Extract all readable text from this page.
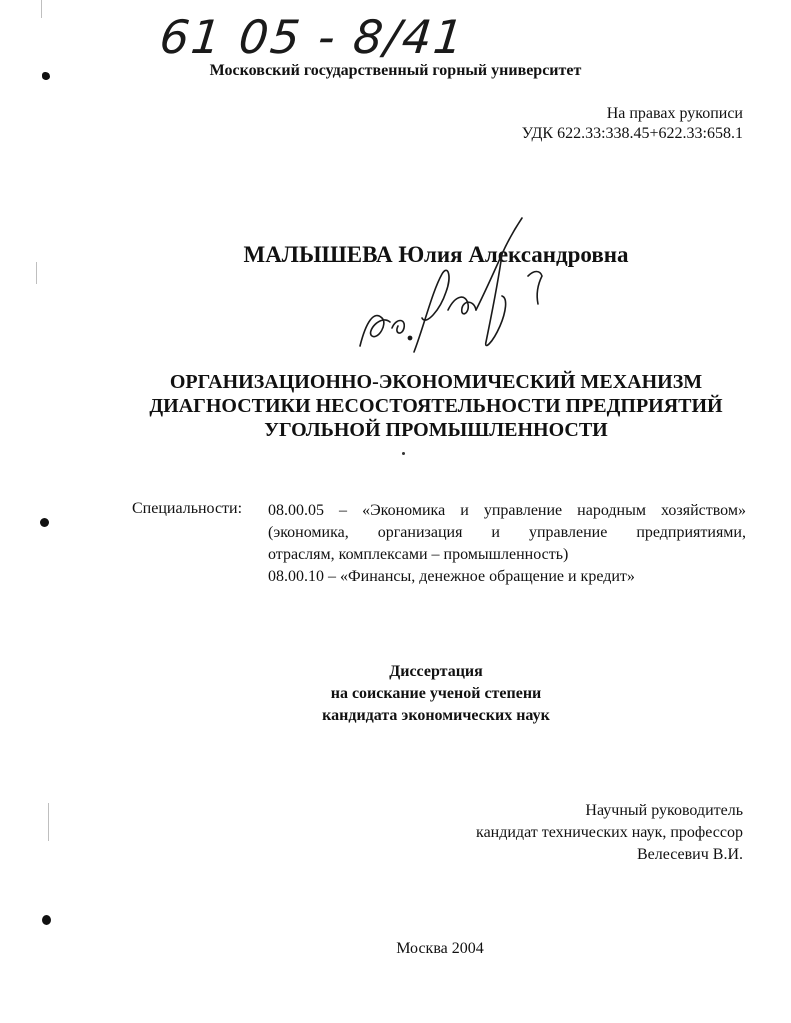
61 05 - 8/41
Московский государственный горный университет
На правах рукописи
УДК 622.33:338.45+622.33:658.1
МАЛЫШЕВА Юлия Александровна
ОРГАНИЗАЦИОННО-ЭКОНОМИЧЕСКИЙ МЕХАНИЗМ
ДИАГНОСТИКИ НЕСОСТОЯТЕЛЬНОСТИ ПРЕДПРИЯТИЙ
УГОЛЬНОЙ ПРОМЫШЛЕННОСТИ
Специальности: 08.00.05 – «Экономика и управление народным хозяйством»
(экономика, организация и управление предприятиями,
отраслям, комплексами – промышленность)
08.00.10 – «Финансы, денежное обращение и кредит»
Диссертация
на соискание ученой степени
кандидата экономических наук
Научный руководитель
кандидат технических наук, профессор
Велесевич В.И.
Москва 2004
